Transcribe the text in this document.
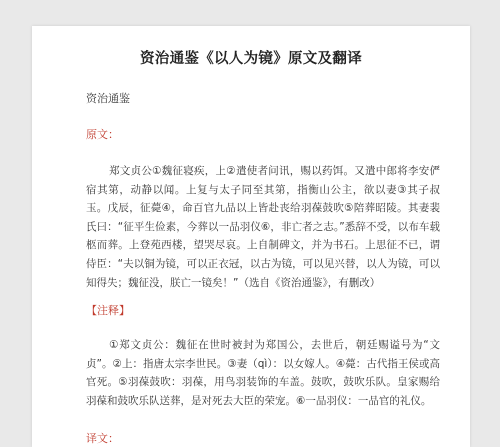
资治通鉴《以人为镜》原文及翻译
资治通鉴
原文：

郑文贞公①魏征寝疾，上②遣使者问讯，赐以药饵。又遣中郎将李安俨宿其第，动静以闻。上复与太子同至其第，指衡山公主，欲以妻③其子叔玉。戊辰，征薨④，命百官九品以上皆赴丧给羽葆鼓吹⑤陪葬昭陵。其妻裴氏曰：“征平生俭素，今葬以一品羽仪⑥，非亡者之志。”悉辞不受，以布车载柩而葬。上登苑西楼，望哭尽哀。上自制碑文，并为书石。上思征不已，谓侍臣：“夫以铜为镜，可以正衣冠，以古为镜，可以见兴替，以人为镜，可以知得失；魏征没，朕亡一镜矣！”（选自《资治通鉴》，有删改）

【注释】

①郑文贞公：魏征在世时被封为郑国公，去世后，朝廷赐谥号为“文贞”。②上：指唐太宗李世民。③妻（qì）：以女嫁人。④薨：古代指王侯或高官死。⑤羽葆鼓吹：羽葆，用鸟羽装饰的车盖。鼓吹，鼓吹乐队。皇家赐给羽葆和鼓吹乐队送葬，是对死去大臣的荣宠。⑥一品羽仪：一品官的礼仪。

译文：
